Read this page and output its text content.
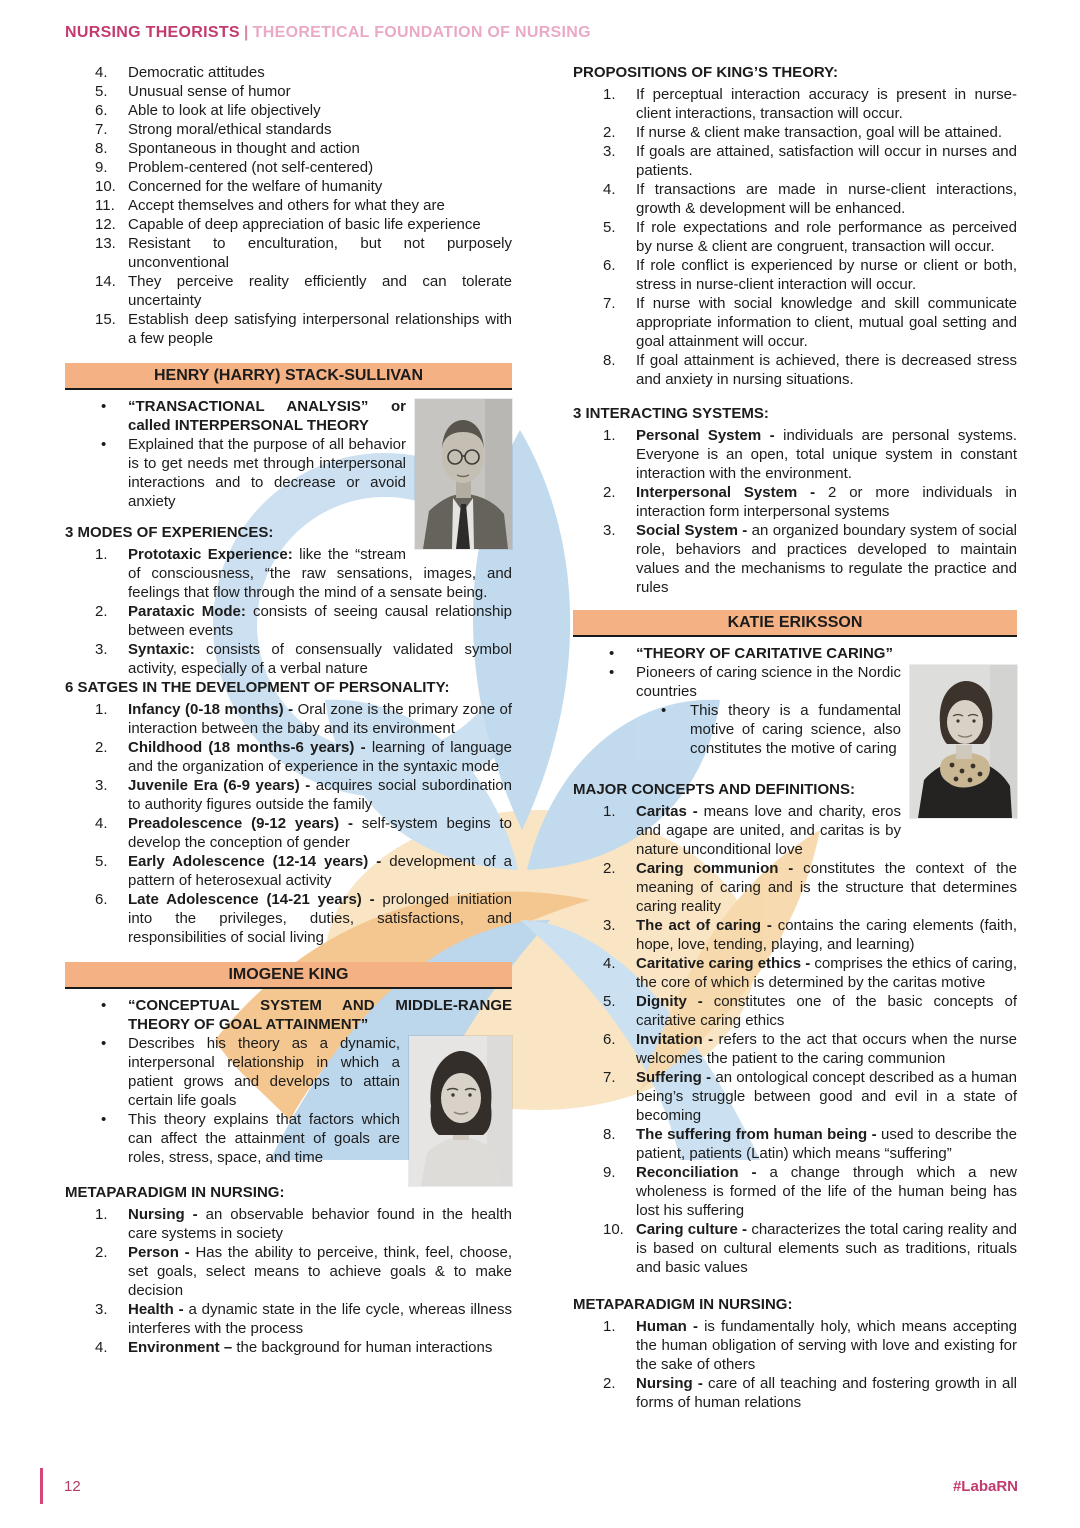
NURSING THEORISTS | THEORETICAL FOUNDATION OF NURSING
4. Democratic attitudes
5. Unusual sense of humor
6. Able to look at life objectively
7. Strong moral/ethical standards
8. Spontaneous in thought and action
9. Problem-centered (not self-centered)
10. Concerned for the welfare of humanity
11. Accept themselves and others for what they are
12. Capable of deep appreciation of basic life experience
13. Resistant to enculturation, but not purposely unconventional
14. They perceive reality efficiently and can tolerate uncertainty
15. Establish deep satisfying interpersonal relationships with a few people
HENRY (HARRY) STACK-SULLIVAN
• “TRANSACTIONAL ANALYSIS” or called INTERPERSONAL THEORY
• Explained that the purpose of all behavior is to get needs met through interpersonal interactions and to decrease or avoid anxiety
3 MODES OF EXPERIENCES:
1. Prototaxic Experience: like the “stream of consciousness, “the raw sensations, images, and feelings that flow through the mind of a sensate being.
2. Parataxic Mode: consists of seeing causal relationship between events
3. Syntaxic: consists of consensually validated symbol activity, especially of a verbal nature
6 SATGES IN THE DEVELOPMENT OF PERSONALITY:
1. Infancy (0-18 months) - Oral zone is the primary zone of interaction between the baby and its environment
2. Childhood (18 months-6 years) - learning of language and the organization of experience in the syntaxic mode
3. Juvenile Era (6-9 years) - acquires social subordination to authority figures outside the family
4. Preadolescence (9-12 years) - self-system begins to develop the conception of gender
5. Early Adolescence (12-14 years) - development of a pattern of heterosexual activity
6. Late Adolescence (14-21 years) - prolonged initiation into the privileges, duties, satisfactions, and responsibilities of social living
IMOGENE KING
• “CONCEPTUAL SYSTEM AND MIDDLE-RANGE THEORY OF GOAL ATTAINMENT”
• Describes his theory as a dynamic, interpersonal relationship in which a patient grows and develops to attain certain life goals
• This theory explains that factors which can affect the attainment of goals are roles, stress, space, and time
METAPARADIGM IN NURSING:
1. Nursing - an observable behavior found in the health care systems in society
2. Person - Has the ability to perceive, think, feel, choose, set goals, select means to achieve goals & to make decision
3. Health - a dynamic state in the life cycle, whereas illness interferes with the process
4. Environment – the background for human interactions
PROPOSITIONS OF KING’S THEORY:
1. If perceptual interaction accuracy is present in nurse-client interactions, transaction will occur.
2. If nurse & client make transaction, goal will be attained.
3. If goals are attained, satisfaction will occur in nurses and patients.
4. If transactions are made in nurse-client interactions, growth & development will be enhanced.
5. If role expectations and role performance as perceived by nurse & client are congruent, transaction will occur.
6. If role conflict is experienced by nurse or client or both, stress in nurse-client interaction will occur.
7. If nurse with social knowledge and skill communicate appropriate information to client, mutual goal setting and goal attainment will occur.
8. If goal attainment is achieved, there is decreased stress and anxiety in nursing situations.
3 INTERACTING SYSTEMS:
1. Personal System - individuals are personal systems. Everyone is an open, total unique system in constant interaction with the environment.
2. Interpersonal System - 2 or more individuals in interaction form interpersonal systems
3. Social System - an organized boundary system of social role, behaviors and practices developed to maintain values and the mechanisms to regulate the practice and rules
KATIE ERIKSSON
• “THEORY OF CARITATIVE CARING”
• Pioneers of caring science in the Nordic countries
• This theory is a fundamental motive of caring science, also constitutes the motive of caring
MAJOR CONCEPTS AND DEFINITIONS:
1. Caritas - means love and charity, eros and agape are united, and caritas is by nature unconditional love
2. Caring communion - constitutes the context of the meaning of caring and is the structure that determines caring reality
3. The act of caring - contains the caring elements (faith, hope, love, tending, playing, and learning)
4. Caritative caring ethics - comprises the ethics of caring, the core of which is determined by the caritas motive
5. Dignity - constitutes one of the basic concepts of caritative caring ethics
6. Invitation - refers to the act that occurs when the nurse welcomes the patient to the caring communion
7. Suffering - an ontological concept described as a human being’s struggle between good and evil in a state of becoming
8. The suffering from human being - used to describe the patient, patients (Latin) which means “suffering”
9. Reconciliation - a change through which a new wholeness is formed of the life of the human being has lost his suffering
10. Caring culture - characterizes the total caring reality and is based on cultural elements such as traditions, rituals and basic values
METAPARADIGM IN NURSING:
1. Human - is fundamentally holy, which means accepting the human obligation of serving with love and existing for the sake of others
2. Nursing - care of all teaching and fostering growth in all forms of human relations
12	#LabaRN
